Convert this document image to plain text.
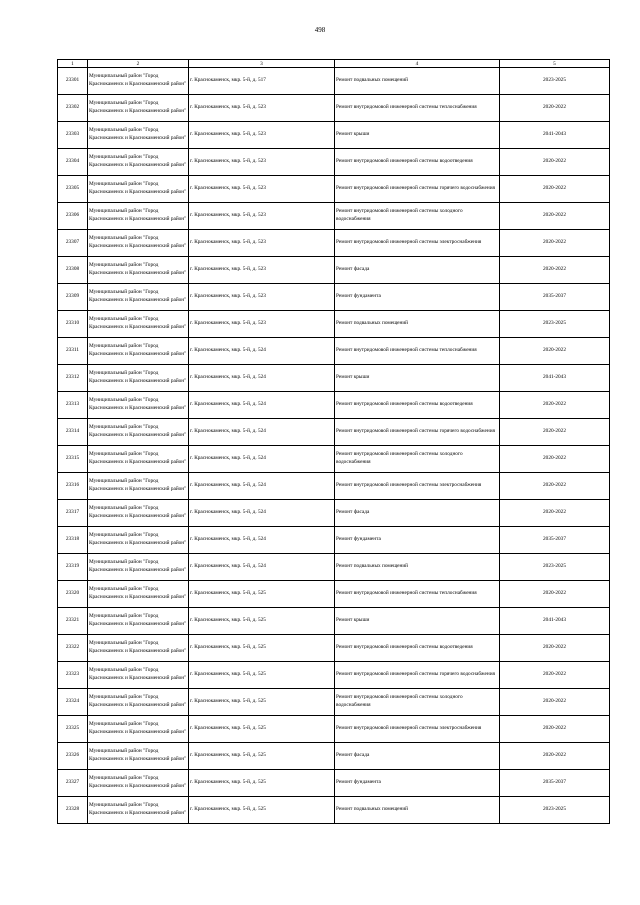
498
1	2	3	4	5
23301	Муниципальный район "Город Краснокаменск и Краснокаменский район"	г. Краснокаменск, мкр. 5-й, д. 517	Ремонт подвальных помещений	2023-2025
23302	Муниципальный район "Город Краснокаменск и Краснокаменский район"	г. Краснокаменск, мкр. 5-й, д. 523	Ремонт внутридомовой инженерной системы теплоснабжения	2020-2022
23303	Муниципальный район "Город Краснокаменск и Краснокаменский район"	г. Краснокаменск, мкр. 5-й, д. 523	Ремонт крыши	2041-2043
23304	Муниципальный район "Город Краснокаменск и Краснокаменский район"	г. Краснокаменск, мкр. 5-й, д. 523	Ремонт внутридомовой инженерной системы водоотведения	2020-2022
23305	Муниципальный район "Город Краснокаменск и Краснокаменский район"	г. Краснокаменск, мкр. 5-й, д. 523	Ремонт внутридомовой инженерной системы горячего водоснабжения	2020-2022
23306	Муниципальный район "Город Краснокаменск и Краснокаменский район"	г. Краснокаменск, мкр. 5-й, д. 523	Ремонт внутридомовой инженерной системы холодного водоснабжения	2020-2022
23307	Муниципальный район "Город Краснокаменск и Краснокаменский район"	г. Краснокаменск, мкр. 5-й, д. 523	Ремонт внутридомовой инженерной системы электроснабжения	2020-2022
23308	Муниципальный район "Город Краснокаменск и Краснокаменский район"	г. Краснокаменск, мкр. 5-й, д. 523	Ремонт фасада	2020-2022
23309	Муниципальный район "Город Краснокаменск и Краснокаменский район"	г. Краснокаменск, мкр. 5-й, д. 523	Ремонт фундамента	2035-2037
23310	Муниципальный район "Город Краснокаменск и Краснокаменский район"	г. Краснокаменск, мкр. 5-й, д. 523	Ремонт подвальных помещений	2023-2025
23311	Муниципальный район "Город Краснокаменск и Краснокаменский район"	г. Краснокаменск, мкр. 5-й, д. 524	Ремонт внутридомовой инженерной системы теплоснабжения	2020-2022
23312	Муниципальный район "Город Краснокаменск и Краснокаменский район"	г. Краснокаменск, мкр. 5-й, д. 524	Ремонт крыши	2041-2043
23313	Муниципальный район "Город Краснокаменск и Краснокаменский район"	г. Краснокаменск, мкр. 5-й, д. 524	Ремонт внутридомовой инженерной системы водоотведения	2020-2022
23314	Муниципальный район "Город Краснокаменск и Краснокаменский район"	г. Краснокаменск, мкр. 5-й, д. 524	Ремонт внутридомовой инженерной системы горячего водоснабжения	2020-2022
23315	Муниципальный район "Город Краснокаменск и Краснокаменский район"	г. Краснокаменск, мкр. 5-й, д. 524	Ремонт внутридомовой инженерной системы холодного водоснабжения	2020-2022
23316	Муниципальный район "Город Краснокаменск и Краснокаменский район"	г. Краснокаменск, мкр. 5-й, д. 524	Ремонт внутридомовой инженерной системы электроснабжения	2020-2022
23317	Муниципальный район "Город Краснокаменск и Краснокаменский район"	г. Краснокаменск, мкр. 5-й, д. 524	Ремонт фасада	2020-2022
23318	Муниципальный район "Город Краснокаменск и Краснокаменский район"	г. Краснокаменск, мкр. 5-й, д. 524	Ремонт фундамента	2035-2037
23319	Муниципальный район "Город Краснокаменск и Краснокаменский район"	г. Краснокаменск, мкр. 5-й, д. 524	Ремонт подвальных помещений	2023-2025
23320	Муниципальный район "Город Краснокаменск и Краснокаменский район"	г. Краснокаменск, мкр. 5-й, д. 525	Ремонт внутридомовой инженерной системы теплоснабжения	2020-2022
23321	Муниципальный район "Город Краснокаменск и Краснокаменский район"	г. Краснокаменск, мкр. 5-й, д. 525	Ремонт крыши	2041-2043
23322	Муниципальный район "Город Краснокаменск и Краснокаменский район"	г. Краснокаменск, мкр. 5-й, д. 525	Ремонт внутридомовой инженерной системы водоотведения	2020-2022
23323	Муниципальный район "Город Краснокаменск и Краснокаменский район"	г. Краснокаменск, мкр. 5-й, д. 525	Ремонт внутридомовой инженерной системы горячего водоснабжения	2020-2022
23324	Муниципальный район "Город Краснокаменск и Краснокаменский район"	г. Краснокаменск, мкр. 5-й, д. 525	Ремонт внутридомовой инженерной системы холодного водоснабжения	2020-2022
23325	Муниципальный район "Город Краснокаменск и Краснокаменский район"	г. Краснокаменск, мкр. 5-й, д. 525	Ремонт внутридомовой инженерной системы электроснабжения	2020-2022
23326	Муниципальный район "Город Краснокаменск и Краснокаменский район"	г. Краснокаменск, мкр. 5-й, д. 525	Ремонт фасада	2020-2022
23327	Муниципальный район "Город Краснокаменск и Краснокаменский район"	г. Краснокаменск, мкр. 5-й, д. 525	Ремонт фундамента	2035-2037
23328	Муниципальный район "Город Краснокаменск и Краснокаменский район"	г. Краснокаменск, мкр. 5-й, д. 525	Ремонт подвальных помещений	2023-2025
